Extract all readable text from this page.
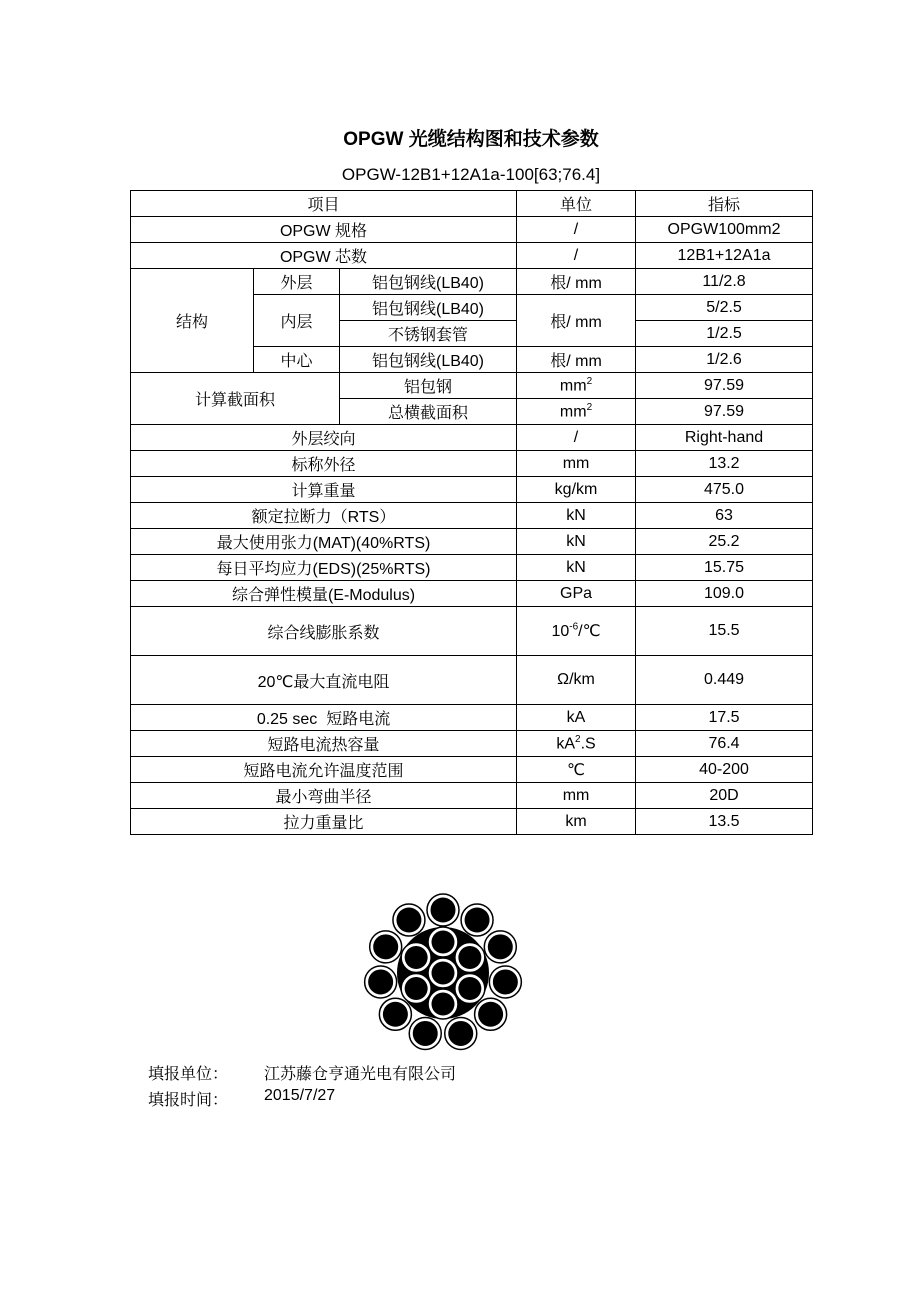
OPGW 光缆结构图和技术参数
OPGW-12B1+12A1a-100[63;76.4]
项目			单位	指标
OPGW 规格			/	OPGW100mm2
OPGW 芯数			/	12B1+12A1a
结构	外层	铝包钢线(LB40)	根/ mm	11/2.8
	内层	铝包钢线(LB40)	根/ mm	5/2.5
		不锈钢套管		1/2.5
	中心	铝包钢线(LB40)	根/ mm	1/2.6
计算截面积		铝包钢	$mm^2$	97.59
		总横截面积	$mm^2$	97.59
外层绞向			/	Right-hand
标称外径			mm	13.2
计算重量			kg/km	475.0
额定拉断力（RTS）			kN	63
最大使用张力(MAT)(40%RTS)			kN	25.2
每日平均应力(EDS)(25%RTS)			kN	15.75
综合弹性模量(E-Modulus)			GPa	109.0
综合线膨胀系数			$10^{-6}/℃$	15.5
20℃最大直流电阻			Ω/km	0.449
0.25 sec  短路电流			kA	17.5
短路电流热容量			$kA^2.S$	76.4
短路电流允许温度范围			℃	40-200
最小弯曲半径			mm	20D
拉力重量比			km	13.5
填报单位： 江苏藤仓亨通光电有限公司
填报时间： 2015/7/27
